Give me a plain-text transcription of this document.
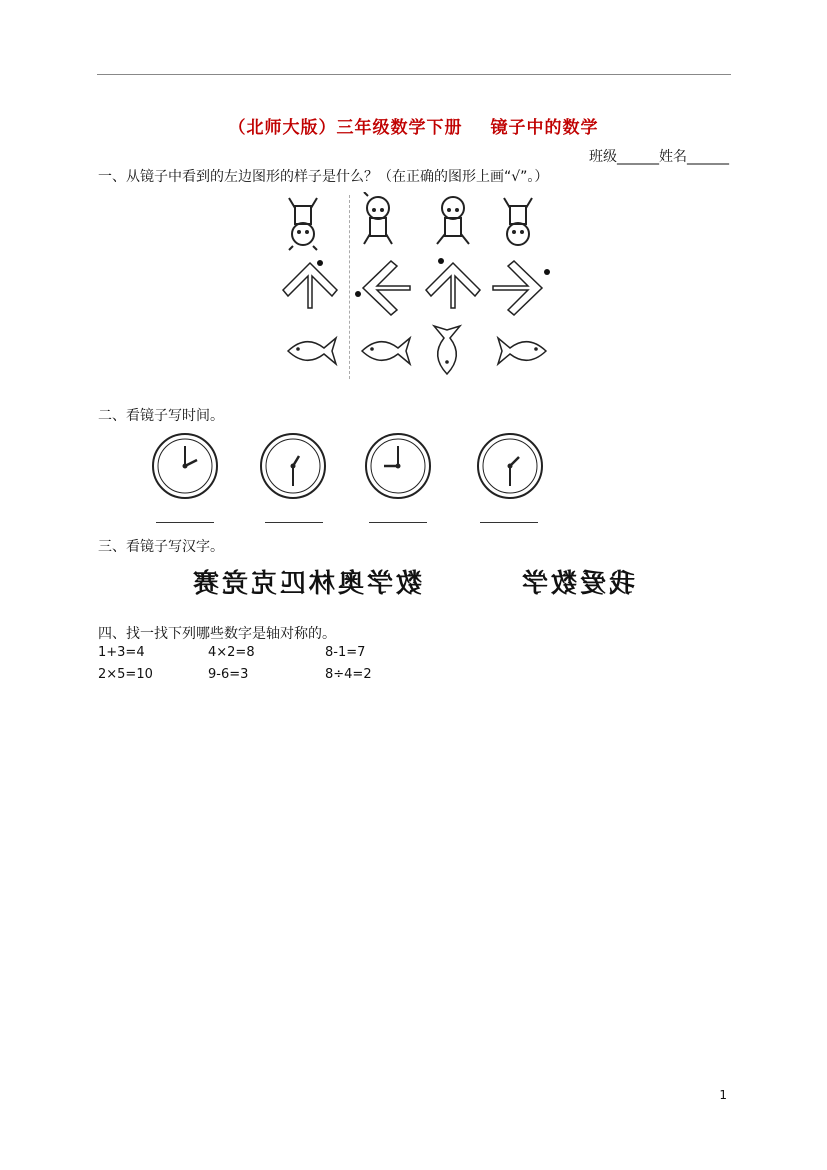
（北师大版）三年级数学下册 镜子中的数学
班级______姓名______
一、从镜子中看到的左边图形的样子是什么？（在正确的图形上画“√”。）
二、看镜子写时间。
三、看镜子写汉字。
数学奥林匹克竞赛	我爱数学
四、找一找下列哪些数字是轴对称的。
1+3=4	4×2=8	8-1=7
2×5=10	9-6=3	8÷4=2
1
